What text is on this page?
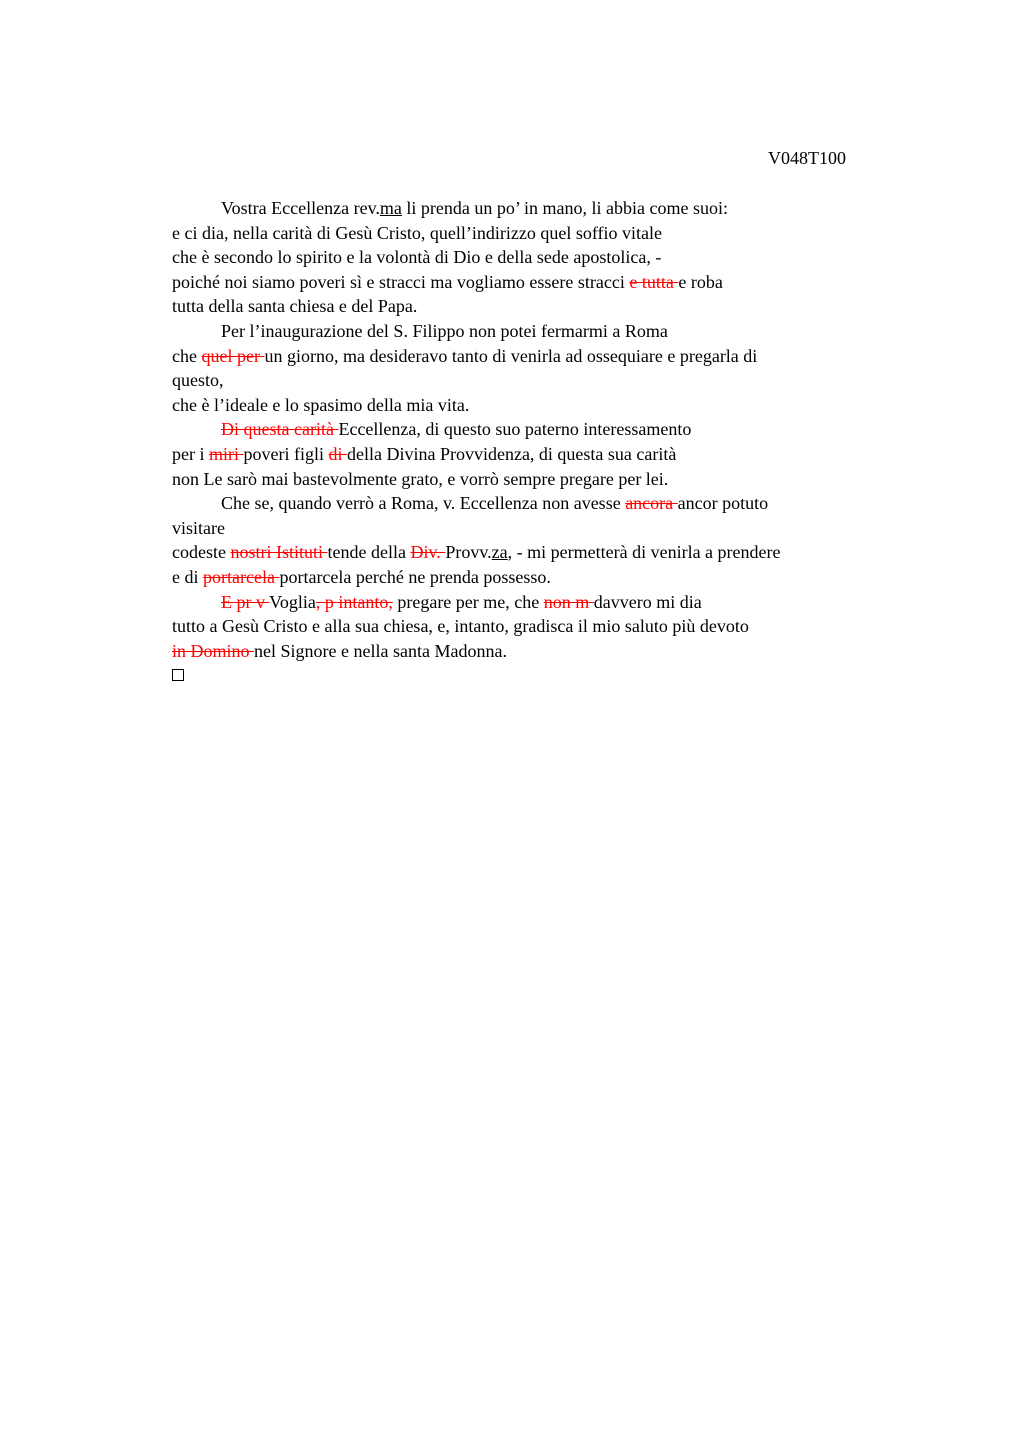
V048T100
Vostra Eccellenza rev.ma li prenda un po’ in mano, li abbia come suoi:
e ci dia, nella carità di Gesù Cristo, quell’indirizzo quel soffio vitale
che è secondo lo spirito e la volontà di Dio e della sede apostolica, -
poiché noi siamo poveri sì e stracci ma vogliamo essere stracci e tutta e roba
tutta della santa chiesa e del Papa.
Per l’inaugurazione del S. Filippo non potei fermarmi a Roma
che quel per un giorno, ma desideravo tanto di venirla ad ossequiare e pregarla di
questo,
che è l’ideale e lo spasimo della mia vita.
Di questa carità Eccellenza, di questo suo paterno interessamento
per i miri poveri figli di della Divina Provvidenza, di questa sua carità
non Le sarò mai bastevolmente grato, e vorrò sempre pregare per lei.
Che se, quando verrò a Roma, v. Eccellenza non avesse ancora ancor potuto
visitare
codeste nostri Istituti tende della Div. Provv.za, - mi permetterà di venirla a prendere
e di portarcela portarcela perché ne prenda possesso.
E pr v Voglia, p intanto, pregare per me, che non m davvero mi dia
tutto a Gesù Cristo e alla sua chiesa, e, intanto, gradisca il mio saluto più devoto
in Domino nel Signore e nella santa Madonna.
